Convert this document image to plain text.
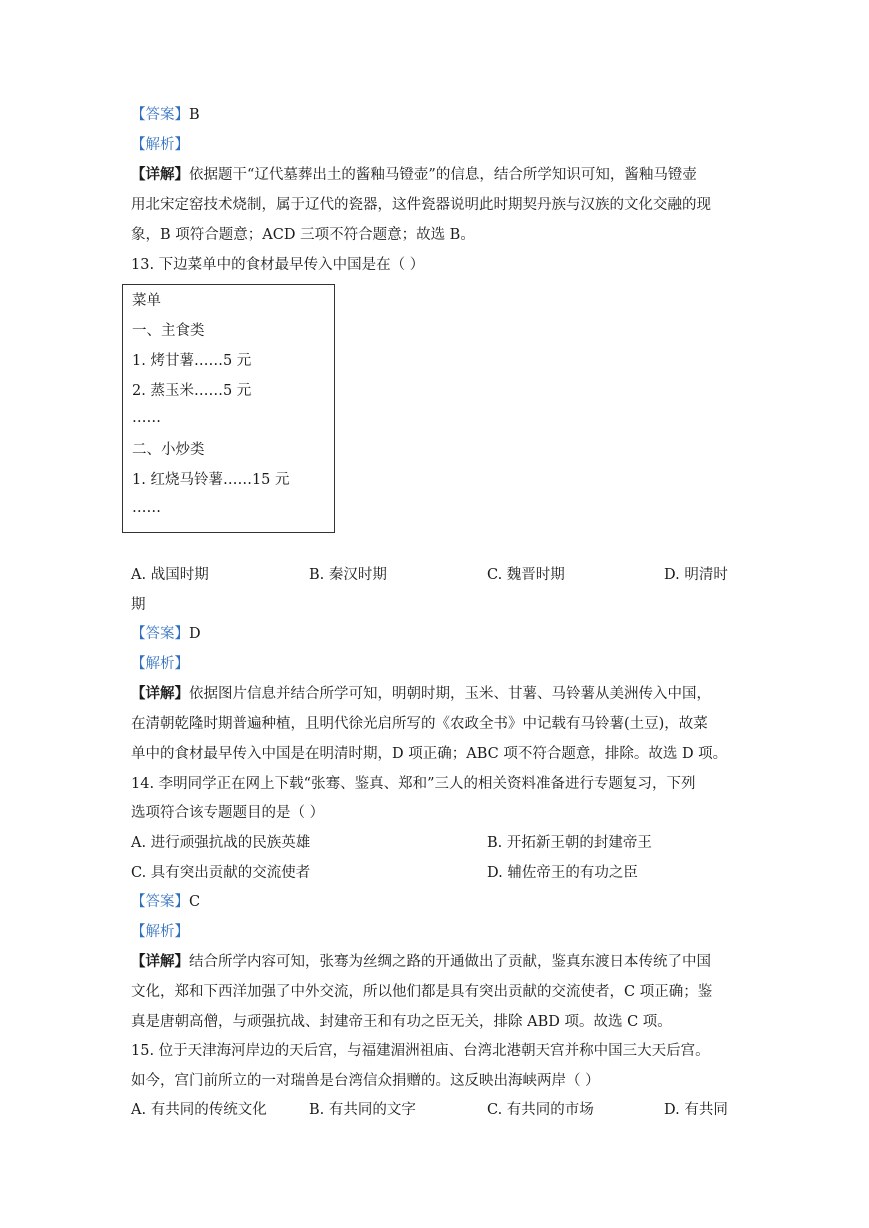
【答案】B
【解析】
【详解】依据题干“辽代墓葬出土的酱釉马镫壶”的信息，结合所学知识可知，酱釉马镫壶
用北宋定窑技术烧制，属于辽代的瓷器，这件瓷器说明此时期契丹族与汉族的文化交融的现
象，B 项符合题意；ACD 三项不符合题意；故选 B。
13. 下边菜单中的食材最早传入中国是在（ ）
菜单
一、主食类
1. 烤甘薯……5 元
2. 蒸玉米……5 元
……
二、小炒类
1. 红烧马铃薯……15 元
……
A. 战国时期	B. 秦汉时期	C. 魏晋时期	D. 明清时
期
【答案】D
【解析】
【详解】依据图片信息并结合所学可知，明朝时期，玉米、甘薯、马铃薯从美洲传入中国，
在清朝乾隆时期普遍种植，且明代徐光启所写的《农政全书》中记载有马铃薯(土豆)，故菜
单中的食材最早传入中国是在明清时期，D 项正确；ABC 项不符合题意，排除。故选 D 项。
14. 李明同学正在网上下载“张骞、鉴真、郑和”三人的相关资料准备进行专题复习，下列
选项符合该专题题目的是（ ）
A. 进行顽强抗战的民族英雄	B. 开拓新王朝的封建帝王
C. 具有突出贡献的交流使者	D. 辅佐帝王的有功之臣
【答案】C
【解析】
【详解】结合所学内容可知，张骞为丝绸之路的开通做出了贡献，鉴真东渡日本传统了中国
文化，郑和下西洋加强了中外交流，所以他们都是具有突出贡献的交流使者，C 项正确；鉴
真是唐朝高僧，与顽强抗战、封建帝王和有功之臣无关，排除 ABD 项。故选 C 项。
15. 位于天津海河岸边的天后宫，与福建湄洲祖庙、台湾北港朝天宫并称中国三大天后宫。
如今，宫门前所立的一对瑞兽是台湾信众捐赠的。这反映出海峡两岸（ ）
A. 有共同的传统文化	B. 有共同的文字	C. 有共同的市场	D. 有共同
